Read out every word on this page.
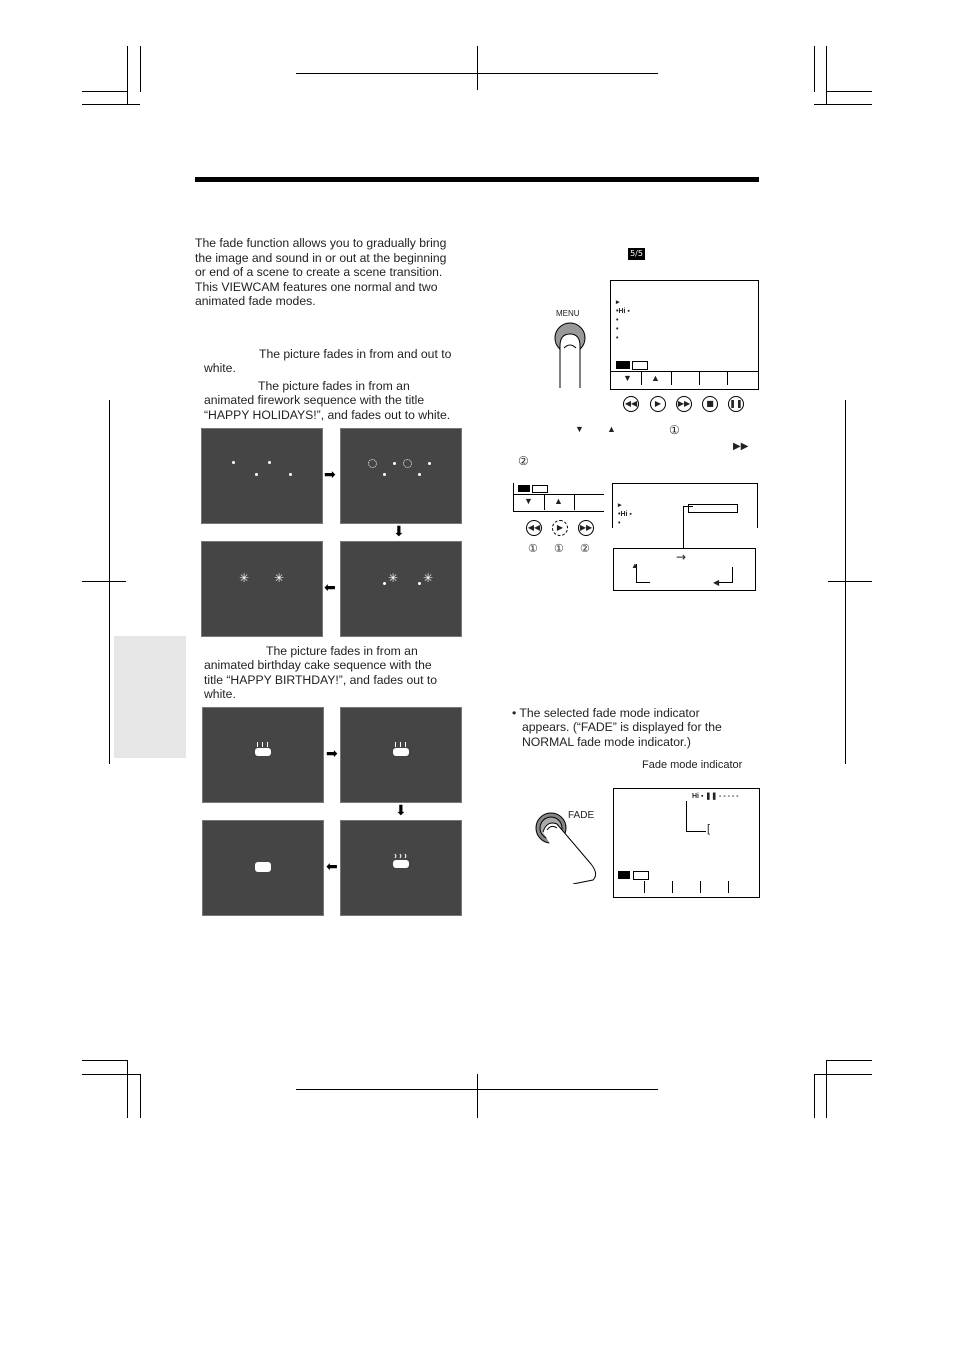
The fade function allows you to gradually bring
the image and sound in or out at the beginning
or end of a scene to create a scene transition.
This VIEWCAM features one normal and two
animated fade modes.
The picture fades in from and out to
white.
The picture fades in from an
animated firework sequence with the title
“HAPPY HOLIDAYS!”, and fades out to white.
➡
⬇
✳ ✳
⬅
✳ ✳
The picture fades in from an
animated birthday cake sequence with the
title “HAPPY BIRTHDAY!”, and fades out to
white.
➡
⬇
⬅
5/5
MENU
▸
•Hi ▪
•
•
•
▼ ▲
◀◀	▶	▶▶	■	❚❚
▼	▲	①
▶▶
②
▼ ▲
◀◀	▶	▶▶
① ① ②
▸
•Hi ▪
•
→
▲
◀
• The selected fade mode indicator
appears. (“FADE” is displayed for the
NORMAL fade mode indicator.)
Fade mode indicator
FADE
Hi ▪ ❚❚ - - - - -
[
